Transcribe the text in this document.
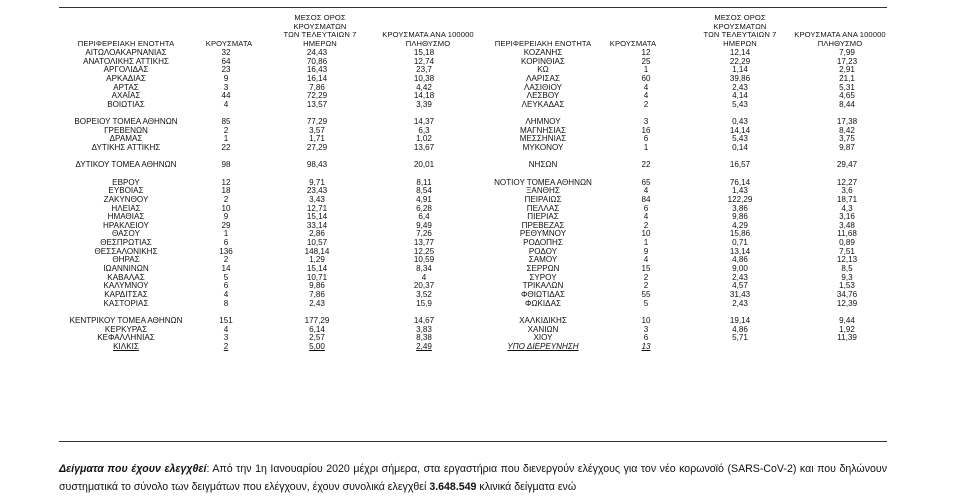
ΠΕΡΙΦΕΡΕΙΑΚΗ ΕΝΟΤΗΤΑ	ΚΡΟΥΣΜΑΤΑ
ΜΕΣΟΣ ΟΡΟΣ ΚΡΟΥΣΜΑΤΩΝ
ΤΩΝ ΤΕΛΕΥΤΑΙΩΝ 7
ΗΜΕΡΩΝ
ΚΡΟΥΣΜΑΤΑ ΑΝΑ 100000
ΠΛΗΘΥΣΜΟ	ΠΕΡΙΦΕΡΕΙΑΚΗ ΕΝΟΤΗΤΑ	ΚΡΟΥΣΜΑΤΑ
ΜΕΣΟΣ ΟΡΟΣ ΚΡΟΥΣΜΑΤΩΝ
ΤΩΝ ΤΕΛΕΥΤΑΙΩΝ 7
ΗΜΕΡΩΝ
ΚΡΟΥΣΜΑΤΑ ΑΝΑ 100000
ΠΛΗΘΥΣΜΟ
ΑΙΤΩΛΟΑΚΑΡΝΑΝΙΑΣ	32	24,43	15,18
ΑΝΑΤΟΛΙΚΗΣ ΑΤΤΙΚΗΣ	64	70,86	12,74
ΑΡΓΟΛΙΔΑΣ	23	16,43	23,7
ΑΡΚΑΔΙΑΣ	9	16,14	10,38
ΑΡΤΑΣ	3	7,86	4,42
ΑΧΑΪΑΣ	44	72,29	14,18
ΒΟΙΩΤΙΑΣ	4	13,57	3,39

ΒΟΡΕΙΟΥ ΤΟΜΕΑ ΑΘΗΝΩΝ	85	77,29	14,37
ΓΡΕΒΕΝΩΝ	2	3,57	6,3
ΔΡΑΜΑΣ	1	1,71	1,02
ΔΥΤΙΚΗΣ ΑΤΤΙΚΗΣ	22	27,29	13,67

ΔΥΤΙΚΟΥ ΤΟΜΕΑ ΑΘΗΝΩΝ	98	98,43	20,01

ΕΒΡΟΥ	12	9,71	8,11
ΕΥΒΟΙΑΣ	18	23,43	8,54
ΖΑΚΥΝΘΟΥ	2	3,43	4,91
ΗΛΕΙΑΣ	10	12,71	6,28
ΗΜΑΘΙΑΣ	9	15,14	6,4
ΗΡΑΚΛΕΙΟΥ	29	33,14	9,49
ΘΑΣΟΥ	1	2,86	7,26
ΘΕΣΠΡΩΤΙΑΣ	6	10,57	13,77
ΘΕΣΣΑΛΟΝΙΚΗΣ	136	148,14	12,25
ΘΗΡΑΣ	2	1,29	10,59
ΙΩΑΝΝΙΝΩΝ	14	15,14	8,34
ΚΑΒΑΛΑΣ	5	10,71	4
ΚΑΛΥΜΝΟΥ	6	9,86	20,37
ΚΑΡΔΙΤΣΑΣ	4	7,86	3,52
ΚΑΣΤΟΡΙΑΣ	8	2,43	15,9

ΚΕΝΤΡΙΚΟΥ ΤΟΜΕΑ ΑΘΗΝΩΝ	151	177,29	14,67
ΚΕΡΚΥΡΑΣ	4	6,14	3,83
ΚΕΦΑΛΛΗΝΙΑΣ	3	2,57	8,38
ΚΙΛΚΙΣ	2	5,00	2,49
ΚΟΖΑΝΗΣ	12	12,14	7,99
ΚΟΡΙΝΘΙΑΣ	25	22,29	17,23
ΚΩ	1	1,14	2,91
ΛΑΡΙΣΑΣ	60	39,86	21,1
ΛΑΣΙΘΙΟΥ	4	2,43	5,31
ΛΕΣΒΟΥ	4	4,14	4,65
ΛΕΥΚΑΔΑΣ	2	5,43	8,44

ΛΗΜΝΟΥ	3	0,43	17,38
ΜΑΓΝΗΣΙΑΣ	16	14,14	8,42
ΜΕΣΣΗΝΙΑΣ	6	5,43	3,75
ΜΥΚΟΝΟΥ	1	0,14	9,87

ΝΗΣΩΝ	22	16,57	29,47

ΝΟΤΙΟΥ ΤΟΜΕΑ ΑΘΗΝΩΝ	65	76,14	12,27
ΞΑΝΘΗΣ	4	1,43	3,6
ΠΕΙΡΑΙΩΣ	84	122,29	18,71
ΠΕΛΛΑΣ	6	3,86	4,3
ΠΙΕΡΙΑΣ	4	9,86	3,16
ΠΡΕΒΕΖΑΣ	2	4,29	3,48
ΡΕΘΥΜΝΟΥ	10	15,86	11,68
ΡΟΔΟΠΗΣ	1	0,71	0,89
ΡΟΔΟΥ	9	13,14	7,51
ΣΑΜΟΥ	4	4,86	12,13
ΣΕΡΡΩΝ	15	9,00	8,5
ΣΥΡΟΥ	2	2,43	9,3
ΤΡΙΚΑΛΩΝ	2	4,57	1,53
ΦΘΙΩΤΙΔΑΣ	55	31,43	34,76
ΦΩΚΙΔΑΣ	5	2,43	12,39

ΧΑΛΚΙΔΙΚΗΣ	10	19,14	9,44
ΧΑΝΙΩΝ	3	4,86	1,92
ΧΙΟΥ	6	5,71	11,39
ΥΠΟ ΔΙΕΡΕΥΝΗΣΗ	13		
Δείγματα που έχουν ελεγχθεί: Από την 1η Ιανουαρίου 2020 μέχρι σήμερα, στα εργαστήρια που διενεργούν ελέγχους για τον νέο κορωνοϊό (SARS-CoV-2) και που δηλώνουν συστηματικά το σύνολο των δειγμάτων που ελέγχουν, έχουν συνολικά ελεγχθεί 3.648.549 κλινικά δείγματα ενώ
